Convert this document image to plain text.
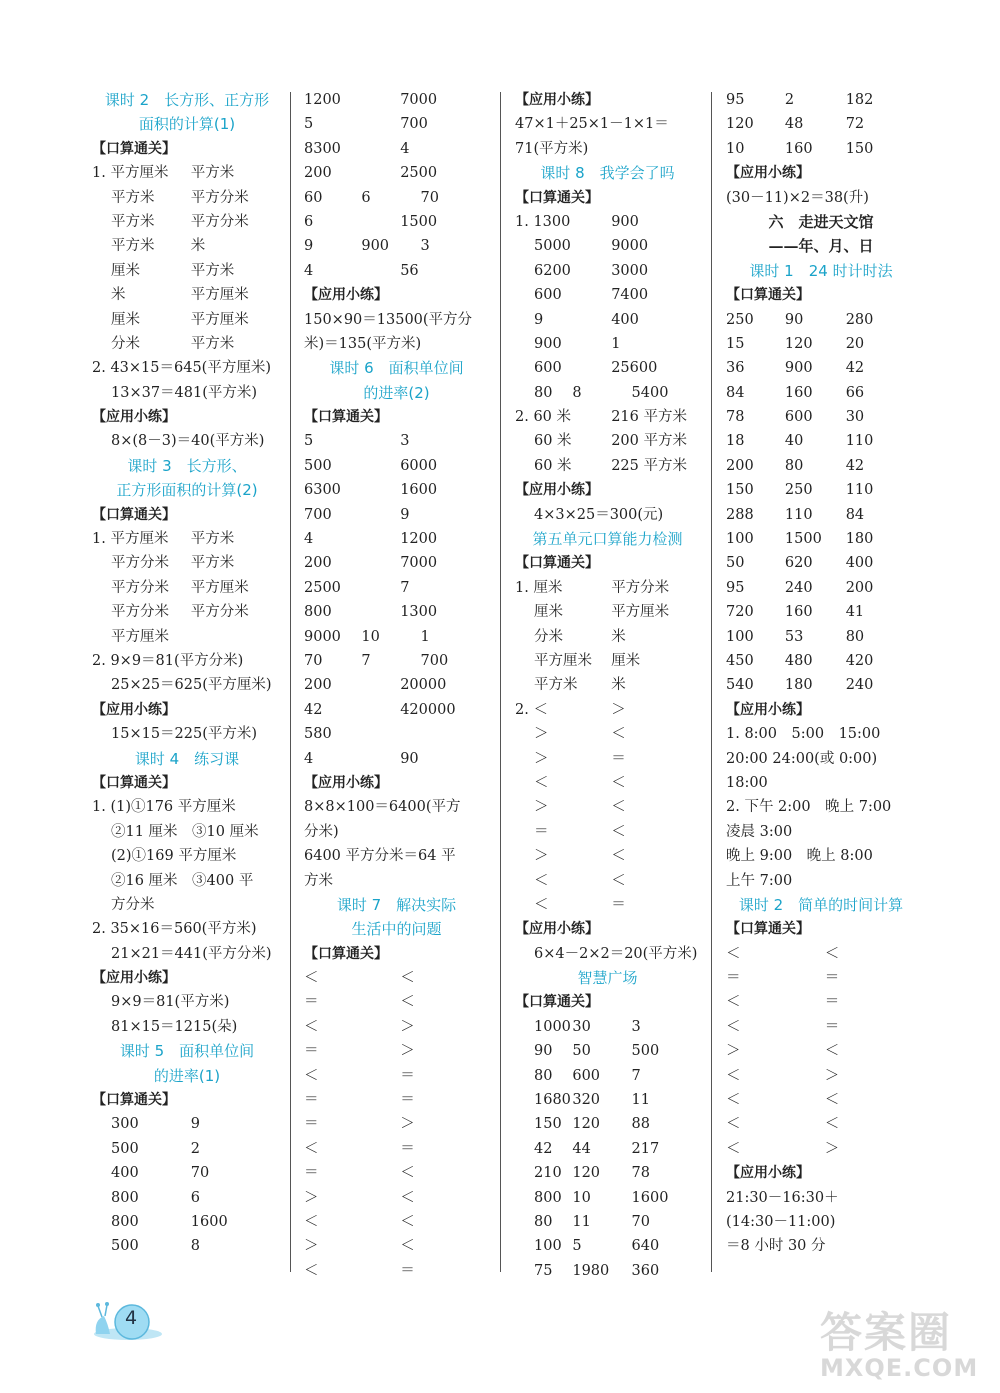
课时 2　长方形、正方形
面积的计算(1)
【口算通关】
1. 平方厘米 平方米
平方米	平方分米
平方米	平方分米
平方米	米
厘米	平方米
米	平方厘米
厘米	平方厘米
分米	平方米
2. 43×15＝645(平方厘米)
13×37＝481(平方米)
【应用小练】
8×(8－3)＝40(平方米)
课时 3　长方形、
正方形面积的计算(2)
【口算通关】
1. 平方厘米 平方米
平方分米 平方米
平方分米 平方厘米
平方分米 平方分米
平方厘米
2. 9×9＝81(平方分米)
25×25＝625(平方厘米)
【应用小练】
15×15＝225(平方米)
课时 4　练习课
【口算通关】
1. (1)①176 平方厘米
②11 厘米　③10 厘米
(2)①169 平方厘米
②16 厘米　③400 平
方分米
2. 35×16＝560(平方米)
21×21＝441(平方分米)
【应用小练】
9×9＝81(平方米)
81×15＝1215(朵)
课时 5　面积单位间
的进率(1)
【口算通关】
300	9
500	2
400	70
800	6
800	1600
500	8
1200	7000
5	700
8300	4
200	2500
60	6	70
6	1500
9	900 3
4	56
【应用小练】
150×90＝13500(平方分
米)＝135(平方米)
课时 6　面积单位间
的进率(2)
【口算通关】
5	3
500	6000
6300	1600
700	9
4	1200
200	7000
2500	7
800	1300
9000 10	1
70	7	700
200	20000
42	420000
580
4	90
【应用小练】
8×8×100＝6400(平方
分米)
6400 平方分米＝64 平
方米
课时 7　解决实际
生活中的问题
【口算通关】
＜	＜
＝	＜
＜	＞
＝	＞
＜	＝
＝	＝
＝	＞
＜	＝
＝	＜
＞	＜
＜	＜
＞	＜
＜	＝
【应用小练】
47×1＋25×1－1×1＝
71(平方米)
课时 8　我学会了吗
【口算通关】
1. 1300	900
5000	9000
6200	3000
600	7400
9	400
900	1
600	25600
80 8	5400
2. 60 米	216 平方米
60 米	200 平方米
60 米	225 平方米
【应用小练】
4×3×25＝300(元)
第五单元口算能力检测
【口算通关】
1. 厘米	平方分米
厘米	平方厘米
分米	米
平方厘米 厘米
平方米 米
2. ＜	＞
＞	＜
＞	＝
＜	＜
＞	＜
＝	＜
＞	＜
＜	＜
＜	＝
【应用小练】
6×4－2×2＝20(平方米)
智慧广场
【口算通关】
1000 30	3
90 50	500
80 600 7
1680 320 11
150 120 88
42 44	217
210 120 78
800 10	1600
80 11	70
100 5	640
75 1980 360
95	2	182
120 48	72
10	160 150
【应用小练】
(30－11)×2＝38(升)
六　走进天文馆
——年、月、日
课时 1　24 时计时法
【口算通关】
250 90	280
15	120 20
36	900 42
84	160 66
78	600 30
18	40	110
200 80	42
150 250 110
288 110 84
100 1500 180
50	620 400
95	240 200
720 160 41
100 53	80
450 480 420
540 180 240
【应用小练】
1. 8:00　5:00　15:00
20:00 24:00(或 0:00)
18:00
2. 下午 2:00　晚上 7:00
凌晨 3:00
晚上 9:00　晚上 8:00
上午 7:00
课时 2　简单的时间计算
【口算通关】
＜	＜
＝	＝
＜	＝
＜	＝
＞	＜
＜	＞
＜	＜
＜	＜
＜	＞
【应用小练】
21:30－16:30＋
(14:30－11:00)
＝8 小时 30 分
4	答案圈
MXQE.COM
